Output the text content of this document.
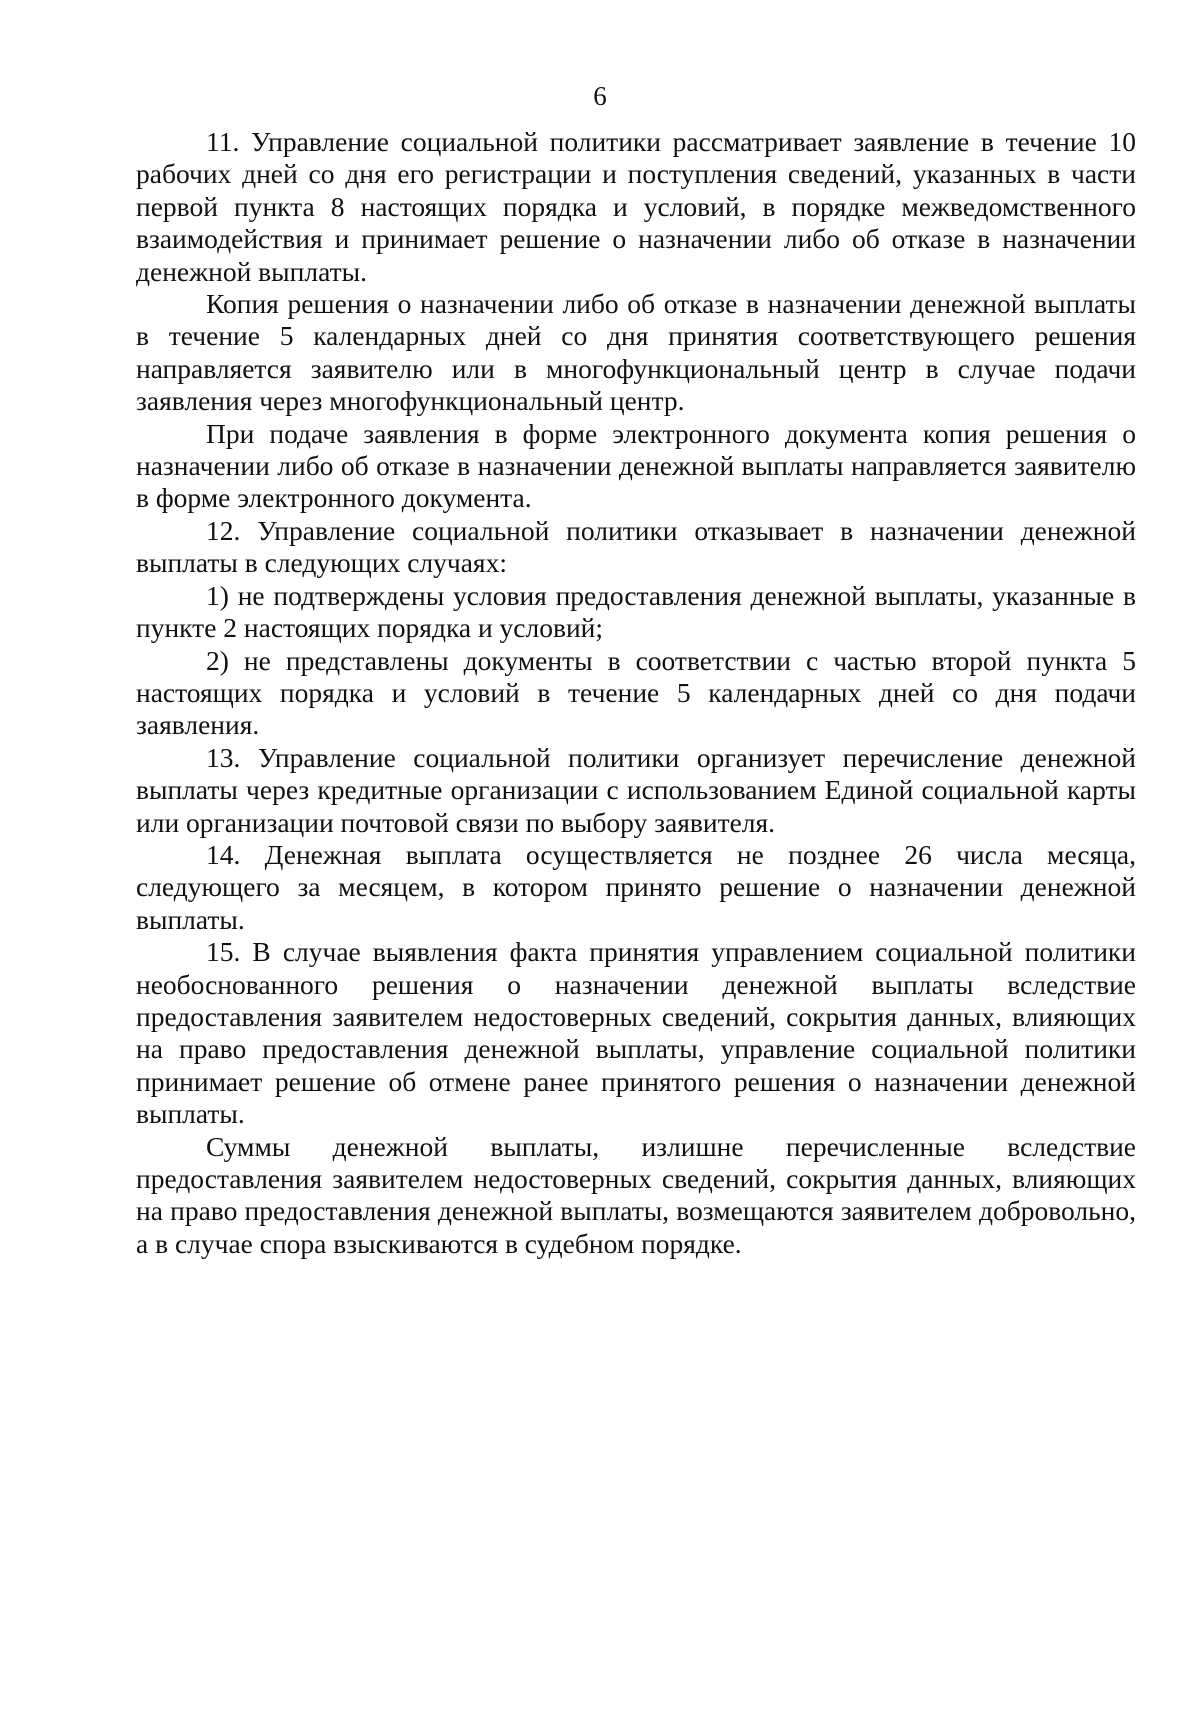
6

11. Управление социальной политики рассматривает заявление в течение 10 рабочих дней со дня его регистрации и поступления сведений, указанных в части первой пункта 8 настоящих порядка и условий, в порядке межведомственного взаимодействия и принимает решение о назначении либо об отказе в назначении денежной выплаты.

Копия решения о назначении либо об отказе в назначении денежной выплаты в течение 5 календарных дней со дня принятия соответствующего решения направляется заявителю или в многофункциональный центр в случае подачи заявления через многофункциональный центр.

При подаче заявления в форме электронного документа копия решения о назначении либо об отказе в назначении денежной выплаты направляется заявителю в форме электронного документа.

12. Управление социальной политики отказывает в назначении денежной выплаты в следующих случаях:

1) не подтверждены условия предоставления денежной выплаты, указанные в пункте 2 настоящих порядка и условий;

2) не представлены документы в соответствии с частью второй пункта 5 настоящих порядка и условий в течение 5 календарных дней со дня подачи заявления.

13. Управление социальной политики организует перечисление денежной выплаты через кредитные организации с использованием Единой социальной карты или организации почтовой связи по выбору заявителя.

14. Денежная выплата осуществляется не позднее 26 числа месяца, следующего за месяцем, в котором принято решение о назначении денежной выплаты.

15. В случае выявления факта принятия управлением социальной политики необоснованного решения о назначении денежной выплаты вследствие предоставления заявителем недостоверных сведений, сокрытия данных, влияющих на право предоставления денежной выплаты, управление социальной политики принимает решение об отмене ранее принятого решения о назначении денежной выплаты.

Суммы денежной выплаты, излишне перечисленные вследствие предоставления заявителем недостоверных сведений, сокрытия данных, влияющих на право предоставления денежной выплаты, возмещаются заявителем добровольно, а в случае спора взыскиваются в судебном порядке.
